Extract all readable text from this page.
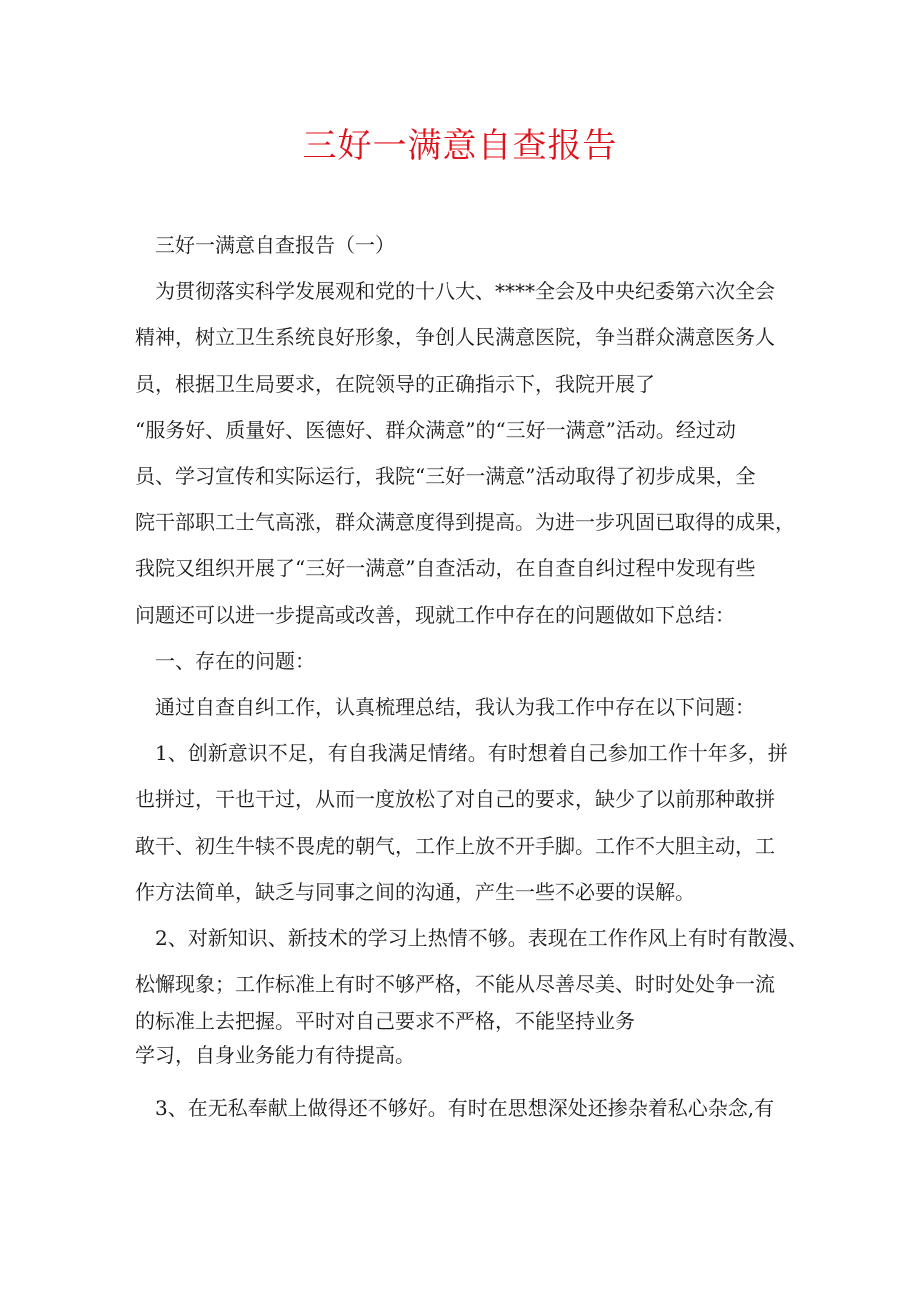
三好一满意自查报告

三好一满意自查报告（一）

为贯彻落实科学发展观和党的十八大、****全会及中央纪委第六次全会
精神，树立卫生系统良好形象，争创人民满意医院，争当群众满意医务人
员，根据卫生局要求，在院领导的正确指示下，我院开展了
“服务好、质量好、医德好、群众满意”的“三好一满意”活动。经过动
员、学习宣传和实际运行，我院“三好一满意”活动取得了初步成果，全
院干部职工士气高涨，群众满意度得到提高。为进一步巩固已取得的成果，
我院又组织开展了“三好一满意”自查活动，在自查自纠过程中发现有些
问题还可以进一步提高或改善，现就工作中存在的问题做如下总结：

一、存在的问题：

通过自查自纠工作，认真梳理总结，我认为我工作中存在以下问题：

1、创新意识不足，有自我满足情绪。有时想着自己参加工作十年多，拼
也拼过，干也干过，从而一度放松了对自己的要求，缺少了以前那种敢拼
敢干、初生牛犊不畏虎的朝气，工作上放不开手脚。工作不大胆主动，工
作方法简单，缺乏与同事之间的沟通，产生一些不必要的误解。

2、对新知识、新技术的学习上热情不够。表现在工作作风上有时有散漫、
松懈现象；工作标准上有时不够严格，不能从尽善尽美、时时处处争一流
的标准上去把握。平时对自己要求不严格，不能坚持业务
学习，自身业务能力有待提高。

3、在无私奉献上做得还不够好。有时在思想深处还掺杂着私心杂念,有
